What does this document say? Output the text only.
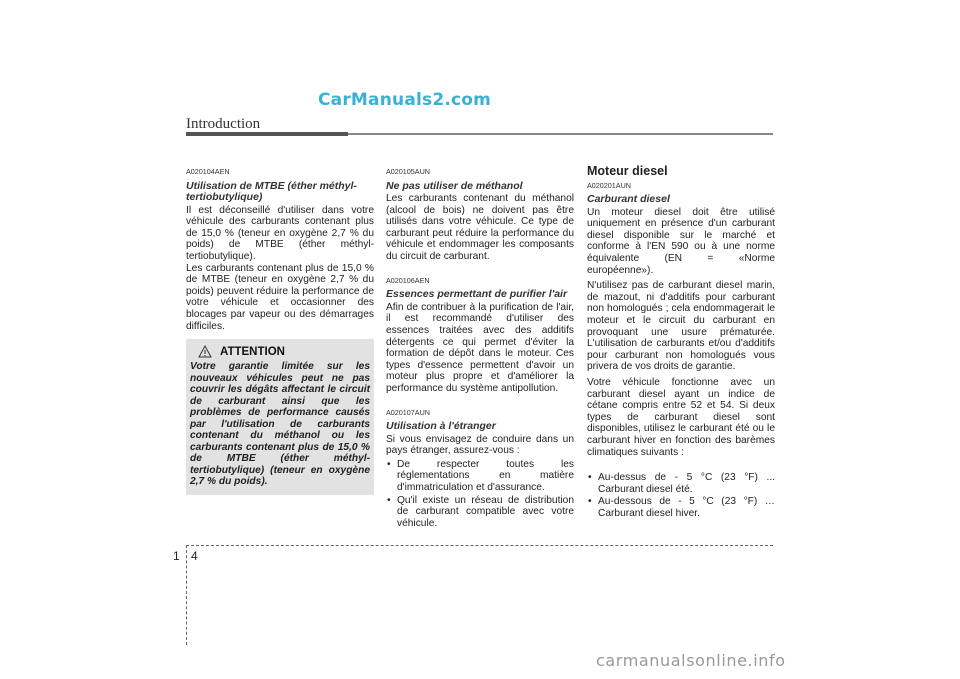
CarManuals2.com
Introduction
A020104AEN
Utilisation de MTBE (éther méthyl-tertiobutylique)

Il est déconseillé d'utiliser dans votre véhicule des carburants contenant plus de 15,0 % (teneur en oxygène 2,7 % du poids) de MTBE (éther méthyl-tertiobutylique).

Les carburants contenant plus de 15,0 % de MTBE (teneur en oxygène 2,7 % du poids) peuvent réduire la performance de votre véhicule et occasionner des blocages par vapeur ou des démarrages difficiles.

ATTENTION
Votre garantie limitée sur les nouveaux véhicules peut ne pas couvrir les dégâts affectant le circuit de carburant ainsi que les problèmes de performance causés par l'utilisation de carburants contenant du méthanol ou les carburants contenant plus de 15,0 % de MTBE (éther méthyl-tertiobutylique) (teneur en oxygène 2,7 % du poids).
A020105AUN
Ne pas utiliser de méthanol

Les carburants contenant du méthanol (alcool de bois) ne doivent pas être utilisés dans votre véhicule. Ce type de carburant peut réduire la performance du véhicule et endommager les composants du circuit de carburant.

A020106AEN
Essences permettant de purifier l'air

Afin de contribuer à la purification de l'air, il est recommandé d'utiliser des essences traitées avec des additifs détergents ce qui permet d'éviter la formation de dépôt dans le moteur. Ces types d'essence permettent d'avoir un moteur plus propre et d'améliorer la performance du système antipollution.

A020107AUN
Utilisation à l'étranger

Si vous envisagez de conduire dans un pays étranger, assurez-vous :

• De respecter toutes les réglementations en matière d'immatriculation et d'assurance.
• Qu'il existe un réseau de distribution de carburant compatible avec votre véhicule.
Moteur diesel
A020201AUN
Carburant diesel

Un moteur diesel doit être utilisé uniquement en présence d'un carburant diesel disponible sur le marché et conforme à l'EN 590 ou à une norme équivalente (EN = «Norme européenne»).

N'utilisez pas de carburant diesel marin, de mazout, ni d'additifs pour carburant non homologués ; cela endommagerait le moteur et le circuit du carburant en provoquant une usure prématurée. L'utilisation de carburants et/ou d'additifs pour carburant non homologués vous privera de vos droits de garantie.

Votre véhicule fonctionne avec un carburant diesel ayant un indice de cétane compris entre 52 et 54. Si deux types de carburant diesel sont disponibles, utilisez le carburant été ou le carburant hiver en fonction des barèmes climatiques suivants :

• Au-dessus de - 5 °C (23 °F) ... Carburant diesel été.
• Au-dessous de - 5 °C (23 °F) … Carburant diesel hiver.
1 4
carmanualsonline.info
